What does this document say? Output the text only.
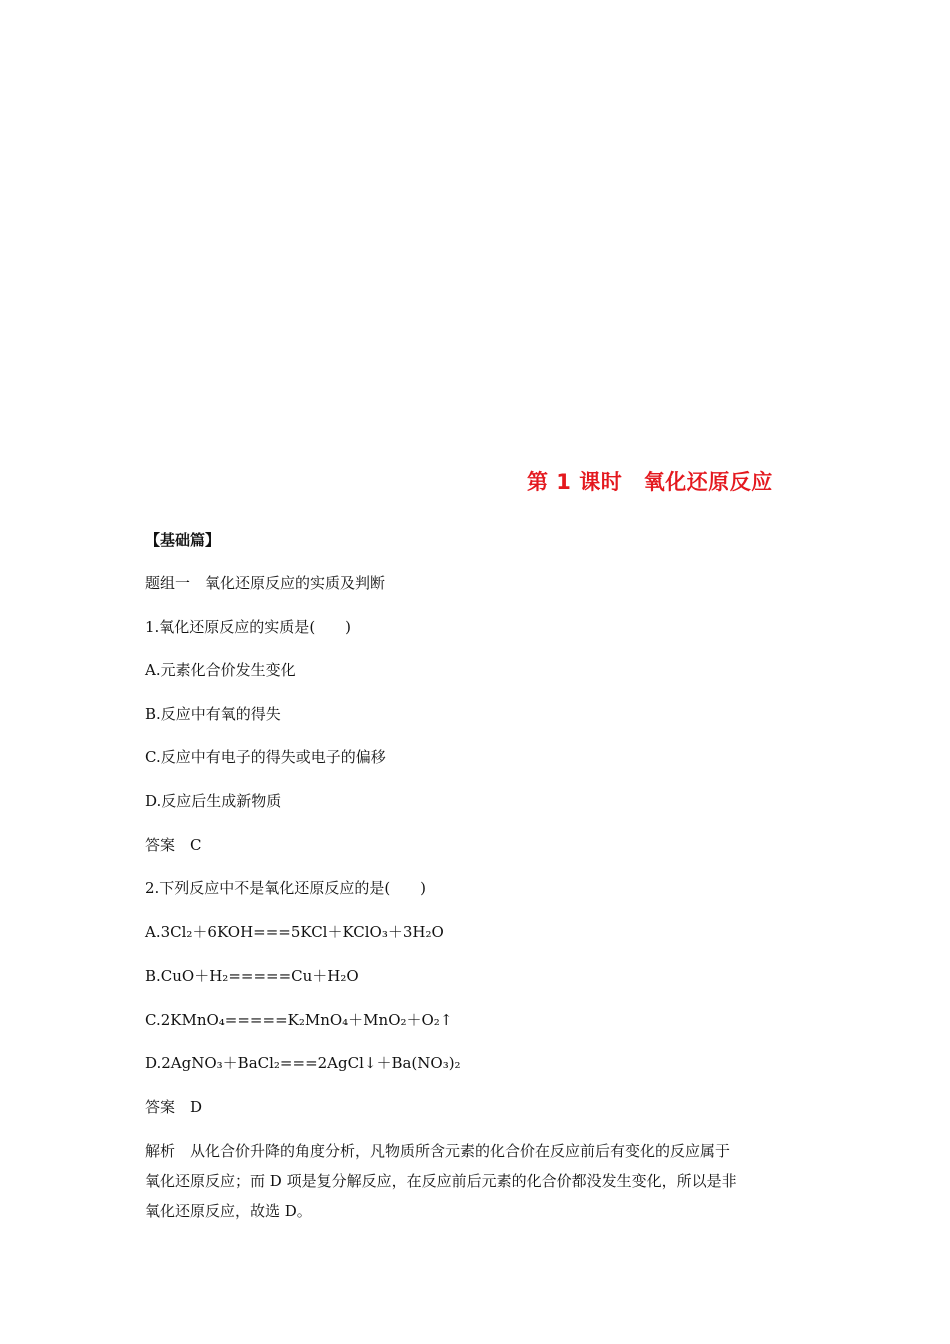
第 1 课时　氧化还原反应
【基础篇】
题组一　氧化还原反应的实质及判断
1.氧化还原反应的实质是(　　)
A.元素化合价发生变化
B.反应中有氧的得失
C.反应中有电子的得失或电子的偏移
D.反应后生成新物质
答案　C
2.下列反应中不是氧化还原反应的是(　　)
A.3Cl₂＋6KOH===5KCl＋KClO₃＋3H₂O
B.CuO＋H₂=====Cu＋H₂O
C.2KMnO₄=====K₂MnO₄＋MnO₂＋O₂↑
D.2AgNO₃＋BaCl₂===2AgCl↓＋Ba(NO₃)₂
答案　D
解析　从化合价升降的角度分析，凡物质所含元素的化合价在反应前后有变化的反应属于
氧化还原反应；而 D 项是复分解反应，在反应前后元素的化合价都没发生变化，所以是非
氧化还原反应，故选 D。
